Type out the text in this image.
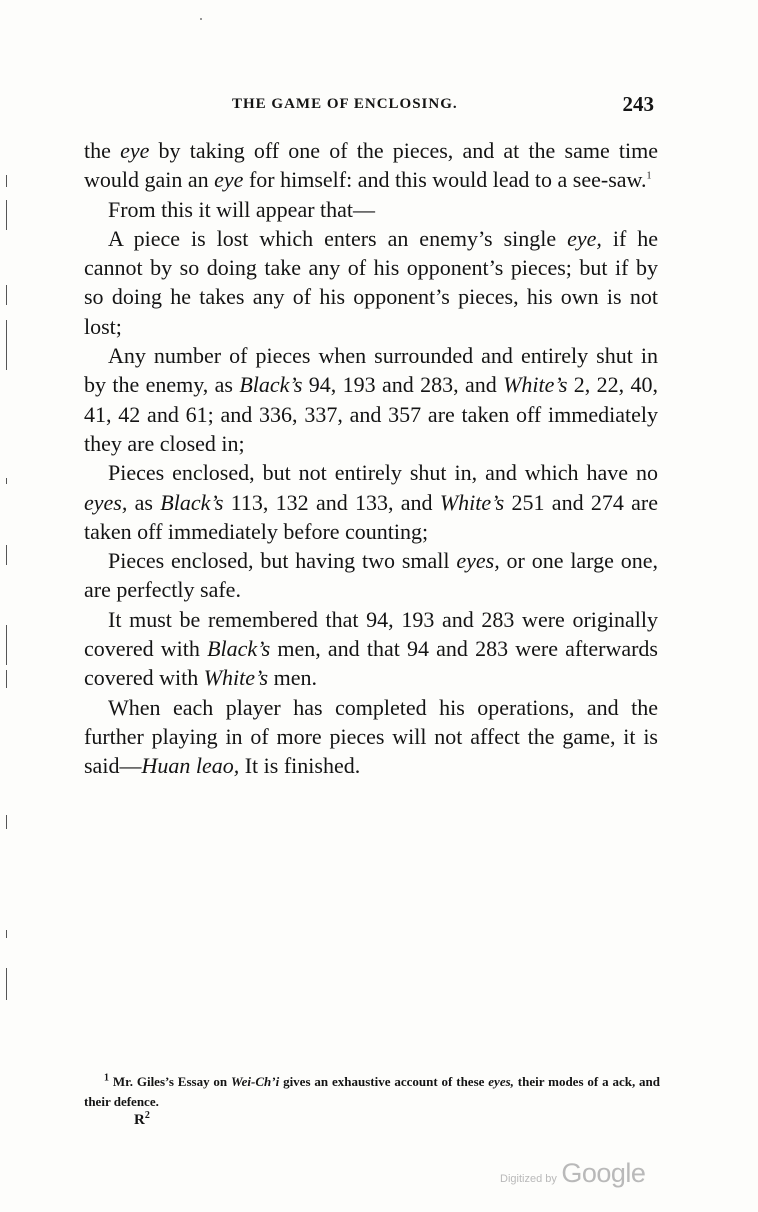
THE GAME OF ENCLOSING.	243

the eye by taking off one of the pieces, and at the same time would gain an eye for himself: and this would lead to a see-saw.$^1$

From this it will appear that—

A piece is lost which enters an enemy’s single eye, if he cannot by so doing take any of his opponent’s pieces; but if by so doing he takes any of his opponent’s pieces, his own is not lost;

Any number of pieces when surrounded and entirely shut in by the enemy, as Black’s 94, 193 and 283, and White’s 2, 22, 40, 41, 42 and 61; and 336, 337, and 357 are taken off immediately they are closed in;

Pieces enclosed, but not entirely shut in, and which have no eyes, as Black’s 113, 132 and 133, and White’s 251 and 274 are taken off immediately before counting;

Pieces enclosed, but having two small eyes, or one large one, are perfectly safe.

It must be remembered that 94, 193 and 283 were originally covered with Black’s men, and that 94 and 283 were afterwards covered with White’s men.

When each player has completed his operations, and the further playing in of more pieces will not affect the game, it is said—Huan leao, It is finished.

$^1$ Mr. Giles’s Essay on Wei-Ch’i gives an exhaustive account of these eyes, their modes of a ack, and their defence.

$R^2$
Digitized by Google
